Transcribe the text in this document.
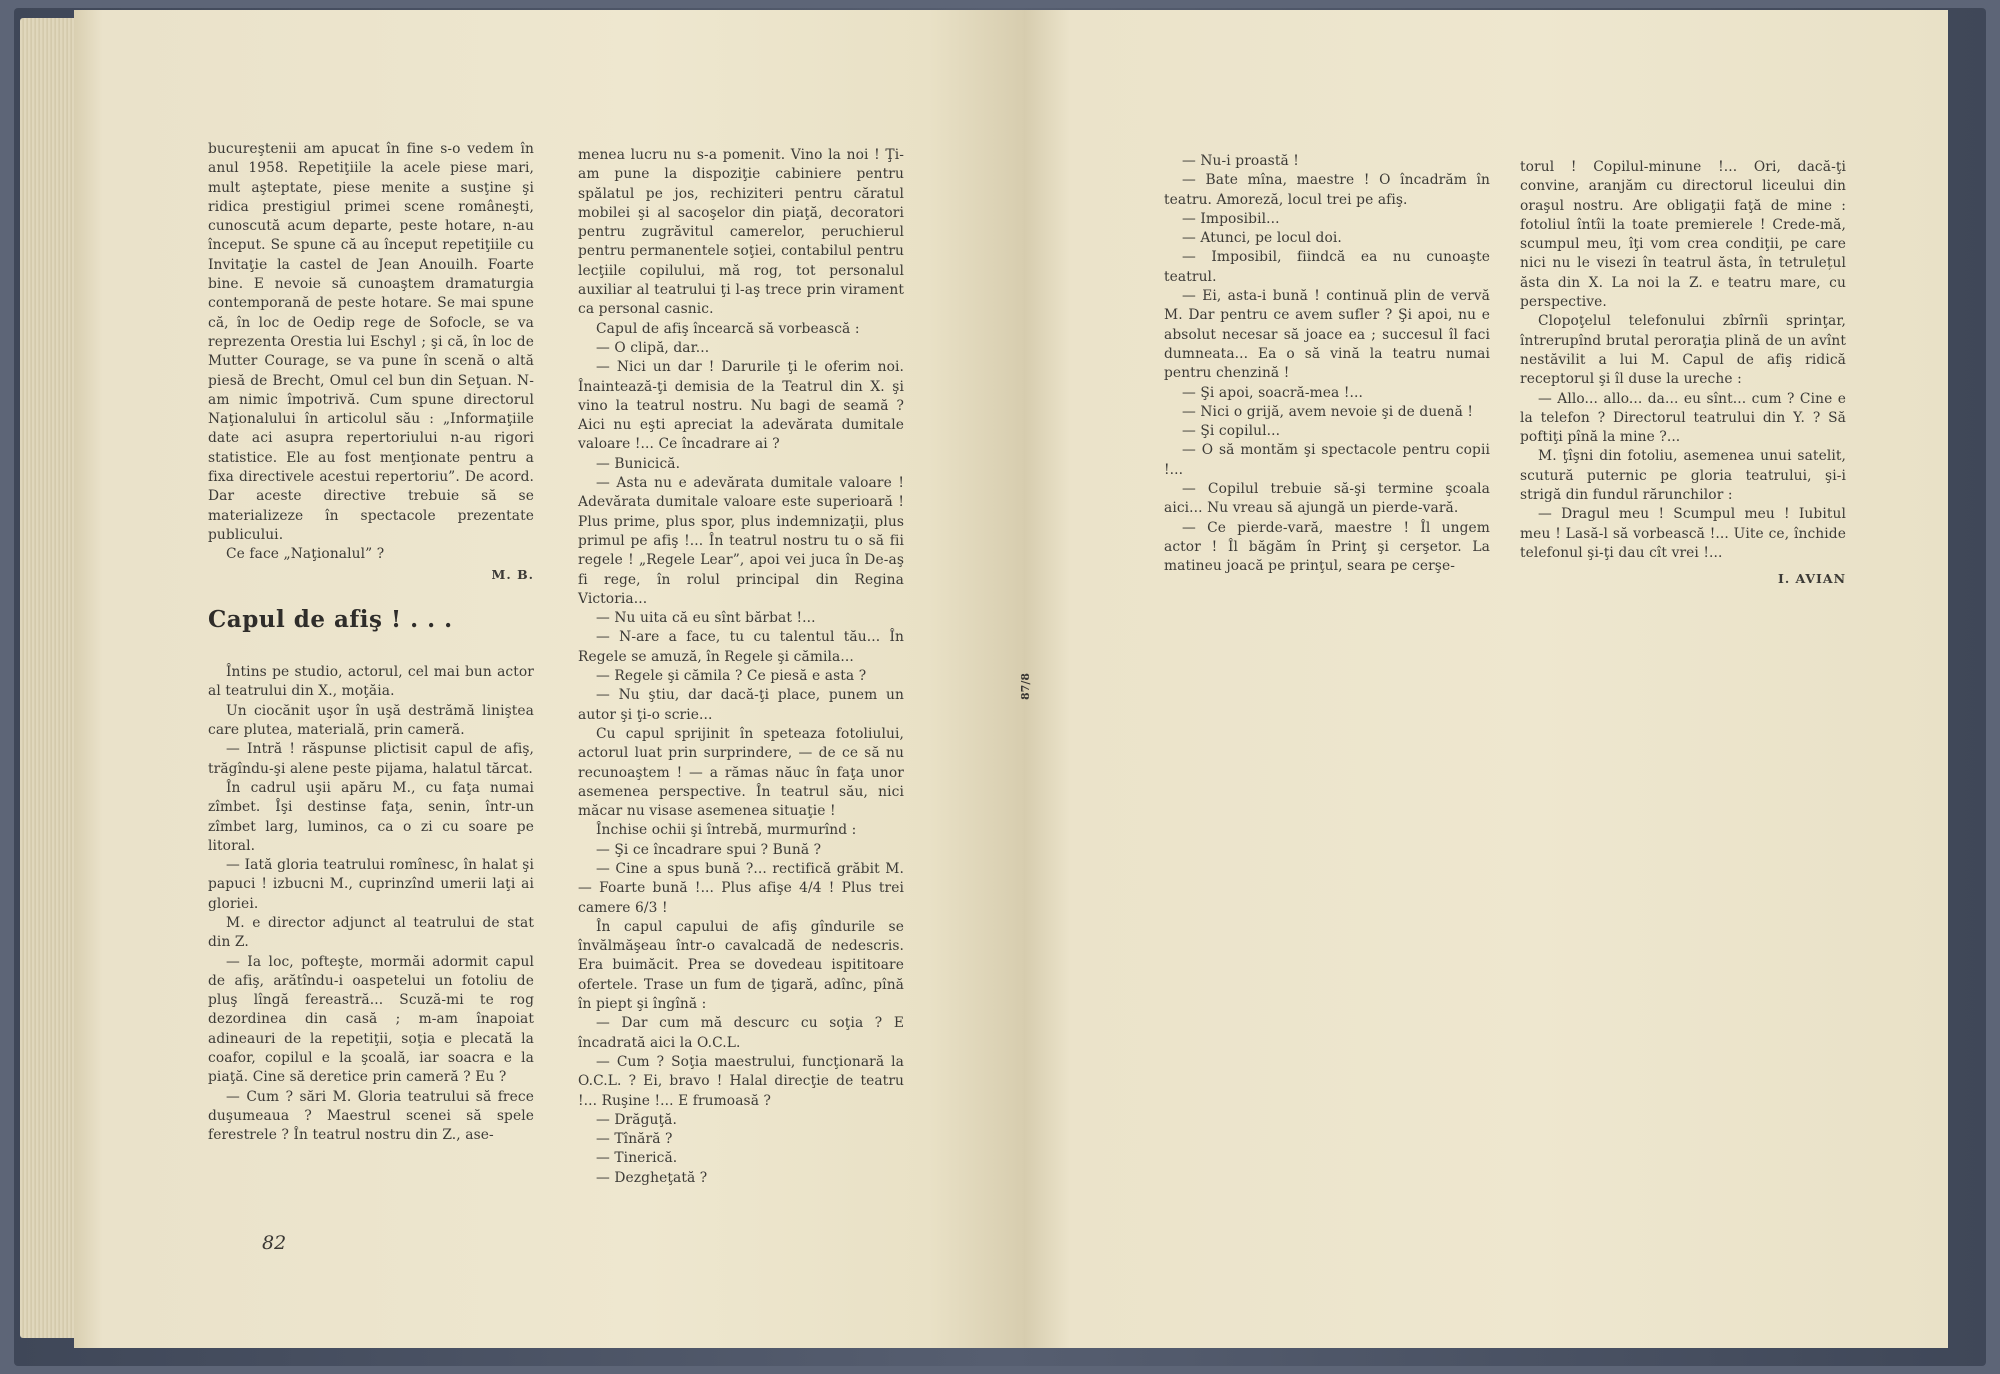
bucureştenii am apucat în fine s-o vedem în anul 1958. Repetiţiile la acele piese mari, mult aşteptate, piese menite a susţine şi ridica prestigiul primei scene româneşti, cunoscută acum departe, peste hotare, n-au început. Se spune că au început repetiţiile cu Invitaţie la castel de Jean Anouilh. Foarte bine. E nevoie să cunoaştem dramaturgia contemporană de peste hotare. Se mai spune că, în loc de Oedip rege de Sofocle, se va reprezenta Orestia lui Eschyl ; şi că, în loc de Mutter Courage, se va pune în scenă o altă piesă de Brecht, Omul cel bun din Seţuan. N-am nimic împotrivă. Cum spune directorul Naţionalului în articolul său : „Informaţiile date aci asupra repertoriului n-au rigori statistice. Ele au fost menţionate pentru a fixa directivele acestui repertoriu”. De acord. Dar aceste directive trebuie să se materializeze în spectacole prezentate publicului.

Ce face „Naţionalul” ?

M. B.

Capul de afiş ! . . .

Întins pe studio, actorul, cel mai bun actor al teatrului din X., moţăia.

Un ciocănit uşor în uşă destrămă liniştea care plutea, materială, prin cameră.

— Intră ! răspunse plictisit capul de afiş, trăgîndu-şi alene peste pijama, halatul tărcat.

În cadrul uşii apăru M., cu faţa numai zîmbet. Îşi destinse faţa, senin, într-un zîmbet larg, luminos, ca o zi cu soare pe litoral.

— Iată gloria teatrului romînesc, în halat şi papuci ! izbucni M., cuprinzînd umerii laţi ai gloriei.

M. e director adjunct al teatrului de stat din Z.

— Ia loc, pofteşte, mormăi adormit capul de afiş, arătîndu-i oaspetelui un fotoliu de pluş lîngă fereastră... Scuză-mi te rog dezordinea din casă ; m-am înapoiat adineauri de la repetiţii, soţia e plecată la coafor, copilul e la şcoală, iar soacra e la piaţă. Cine să deretice prin cameră ? Eu ?

— Cum ? sări M. Gloria teatrului să frece duşumeaua ? Maestrul scenei să spele ferestrele ? În teatrul nostru din Z., ase-

menea lucru nu s-a pomenit. Vino la noi ! Ţi-am pune la dispoziţie cabiniere pentru spălatul pe jos, rechiziteri pentru căratul mobilei şi al sacoşelor din piaţă, decoratori pentru zugrăvitul camerelor, peruchierul pentru permanentele soţiei, contabilul pentru lecţiile copilului, mă rog, tot personalul auxiliar al teatrului ţi l-aş trece prin virament ca personal casnic.

Capul de afiş încearcă să vorbească :

— O clipă, dar...

— Nici un dar ! Darurile ţi le oferim noi. Înaintează-ţi demisia de la Teatrul din X. şi vino la teatrul nostru. Nu bagi de seamă ? Aici nu eşti apreciat la adevărata dumitale valoare !... Ce încadrare ai ?

— Bunicică.

— Asta nu e adevărata dumitale valoare ! Adevărata dumitale valoare este superioară ! Plus prime, plus spor, plus indemnizaţii, plus primul pe afiş !... În teatrul nostru tu o să fii regele ! „Regele Lear”, apoi vei juca în De-aş fi rege, în rolul principal din Regina Victoria...

— Nu uita că eu sînt bărbat !...

— N-are a face, tu cu talentul tău... În Regele se amuză, în Regele şi cămila...

— Regele şi cămila ? Ce piesă e asta ?

— Nu ştiu, dar dacă-ţi place, punem un autor şi ţi-o scrie...

Cu capul sprijinit în speteaza fotoliului, actorul luat prin surprindere, — de ce să nu recunoaştem ! — a rămas năuc în faţa unor asemenea perspective. În teatrul său, nici măcar nu visase asemenea situaţie !

Închise ochii şi întrebă, murmurînd :

— Şi ce încadrare spui ? Bună ?

— Cine a spus bună ?... rectifică grăbit M. — Foarte bună !... Plus afişe 4/4 ! Plus trei camere 6/3 !

În capul capului de afiş gîndurile se învălmăşeau într-o cavalcadă de nedescris. Era buimăcit. Prea se dovedeau ispititoare ofertele. Trase un fum de ţigară, adînc, pînă în piept şi îngînă :

— Dar cum mă descurc cu soţia ? E încadrată aici la O.C.L.

— Cum ? Soţia maestrului, funcţionară la O.C.L. ? Ei, bravo ! Halal direcţie de teatru !... Ruşine !... E frumoasă ?

— Drăguţă.

— Tînără ?

— Tinerică.

— Dezgheţată ?

82

— Nu-i proastă !

— Bate mîna, maestre ! O încadrăm în teatru. Amoreză, locul trei pe afiş.

— Imposibil...

— Atunci, pe locul doi.

— Imposibil, fiindcă ea nu cunoaşte teatrul.

— Ei, asta-i bună ! continuă plin de vervă M. Dar pentru ce avem sufler ? Şi apoi, nu e absolut necesar să joace ea ; succesul îl faci dumneata... Ea o să vină la teatru numai pentru chenzină !

— Şi apoi, soacră-mea !...

— Nici o grijă, avem nevoie şi de duenă !

— Şi copilul...

— O să montăm şi spectacole pentru copii !...

— Copilul trebuie să-şi termine şcoala aici... Nu vreau să ajungă un pierde-vară.

— Ce pierde-vară, maestre ! Îl ungem actor ! Îl băgăm în Prinţ şi cerşetor. La matineu joacă pe prinţul, seara pe cerşe-

torul ! Copilul-minune !... Ori, dacă-ţi convine, aranjăm cu directorul liceului din oraşul nostru. Are obligaţii faţă de mine : fotoliul întîi la toate premierele ! Crede-mă, scumpul meu, îţi vom crea condiţii, pe care nici nu le visezi în teatrul ăsta, în tetrulețul ăsta din X. La noi la Z. e teatru mare, cu perspective.

Clopoţelul telefonului zbîrnîi sprinţar, întrerupînd brutal peroraţia plină de un avînt nestăvilit a lui M. Capul de afiş ridică receptorul şi îl duse la ureche :

— Allo... allo... da... eu sînt... cum ? Cine e la telefon ? Directorul teatrului din Y. ? Să poftiţi pînă la mine ?...

M. ţîşni din fotoliu, asemenea unui satelit, scutură puternic pe gloria teatrului, şi-i strigă din fundul rărunchilor :

— Dragul meu ! Scumpul meu ! Iubitul meu ! Lasă-l să vorbească !... Uite ce, închide telefonul şi-ţi dau cît vrei !...

I. AVIAN

87/8
